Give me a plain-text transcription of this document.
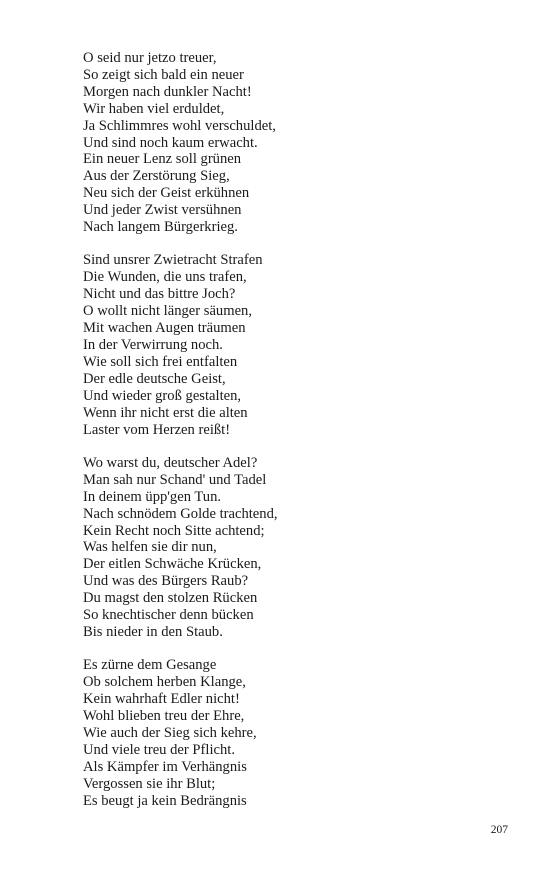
O seid nur jetzo treuer,
So zeigt sich bald ein neuer
Morgen nach dunkler Nacht!
Wir haben viel erduldet,
Ja Schlimmres wohl verschuldet,
Und sind noch kaum erwacht.
Ein neuer Lenz soll grünen
Aus der Zerstörung Sieg,
Neu sich der Geist erkühnen
Und jeder Zwist versühnen
Nach langem Bürgerkrieg.
Sind unsrer Zwietracht Strafen
Die Wunden, die uns trafen,
Nicht und das bittre Joch?
O wollt nicht länger säumen,
Mit wachen Augen träumen
In der Verwirrung noch.
Wie soll sich frei entfalten
Der edle deutsche Geist,
Und wieder groß gestalten,
Wenn ihr nicht erst die alten
Laster vom Herzen reißt!
Wo warst du, deutscher Adel?
Man sah nur Schand' und Tadel
In deinem üpp'gen Tun.
Nach schnödem Golde trachtend,
Kein Recht noch Sitte achtend;
Was helfen sie dir nun,
Der eitlen Schwäche Krücken,
Und was des Bürgers Raub?
Du magst den stolzen Rücken
So knechtischer denn bücken
Bis nieder in den Staub.
Es zürne dem Gesange
Ob solchem herben Klange,
Kein wahrhaft Edler nicht!
Wohl blieben treu der Ehre,
Wie auch der Sieg sich kehre,
Und viele treu der Pflicht.
Als Kämpfer im Verhängnis
Vergossen sie ihr Blut;
Es beugt ja kein Bedrängnis
207
